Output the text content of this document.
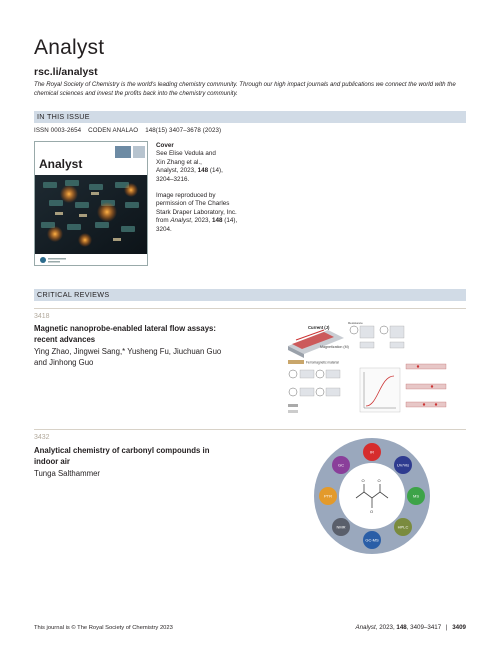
Analyst
rsc.li/analyst
The Royal Society of Chemistry is the world's leading chemistry community. Through our high impact journals and publications we connect the world with the chemical sciences and invest the profits back into the chemistry community.
IN THIS ISSUE
ISSN 0003-2654 CODEN ANALAO 148(15) 3407–3678 (2023)
Analyst
Cover
See Elise Vedula and
Xin Zhang et al.,
Analyst, 2023, 148 (14),
3204–3216.
Image reproduced by
permission of The Charles
Stark Draper Laboratory, Inc.
from Analyst, 2023, 148 (14),
3204.
CRITICAL REVIEWS
3418
Magnetic nanoprobe-enabled lateral flow assays:
recent advances
Ying Zhao, Jingwei Sang,* Yusheng Fu, Jiuchuan Guo
and Jinhong Guo
Current (J)
Magnetization (M)
Ferromagnetic material
Resistance
3432
Analytical chemistry of carbonyl compounds in
indoor air
Tunga Salthammer
O	O
O
IR
UV/Vis
MS
HPLC
GC-MS
NMR
PTR
GC
This journal is © The Royal Society of Chemistry 2023	Analyst, 2023, 148, 3409–3417 | 3409
